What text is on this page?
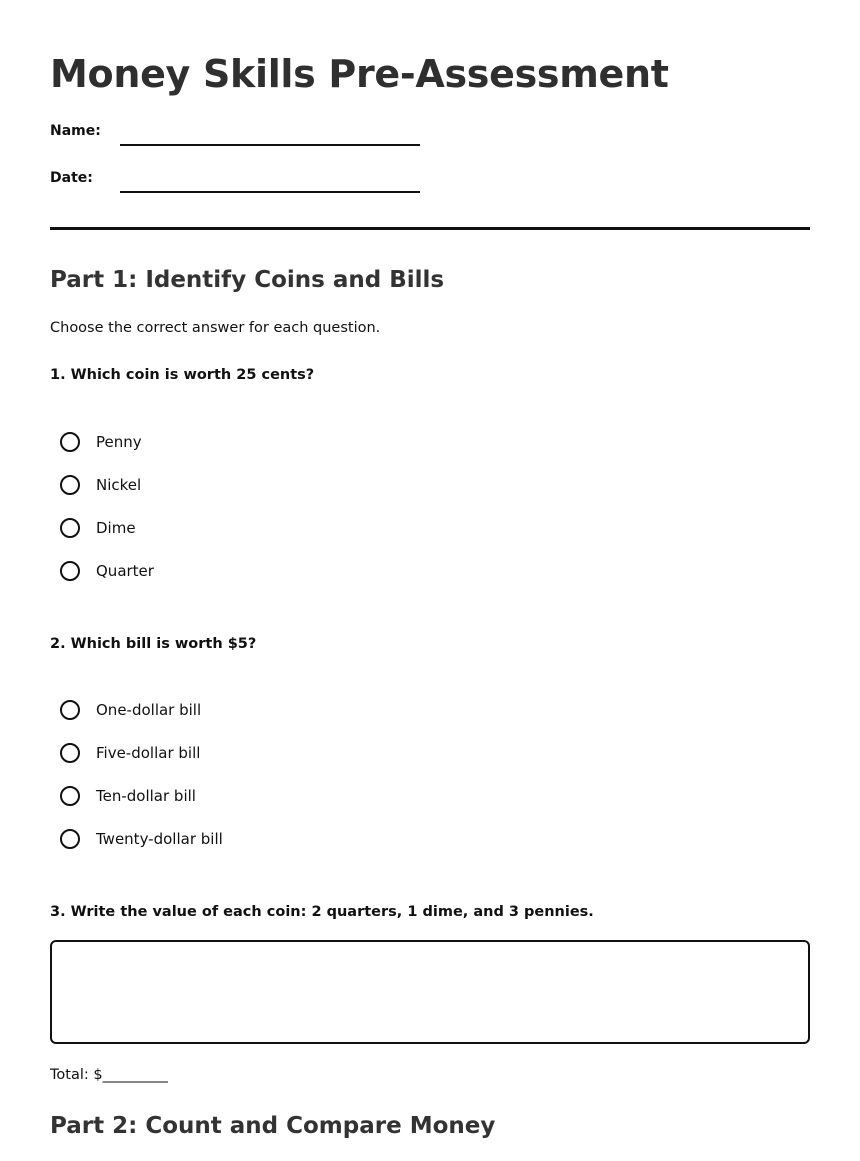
Money Skills Pre-Assessment
Name:
Date:
Part 1: Identify Coins and Bills
Choose the correct answer for each question.
1. Which coin is worth 25 cents?
Penny
Nickel
Dime
Quarter
2. Which bill is worth $5?
One-dollar bill
Five-dollar bill
Ten-dollar bill
Twenty-dollar bill
3. Write the value of each coin: 2 quarters, 1 dime, and 3 pennies.
Total: $_________
Part 2: Count and Compare Money
